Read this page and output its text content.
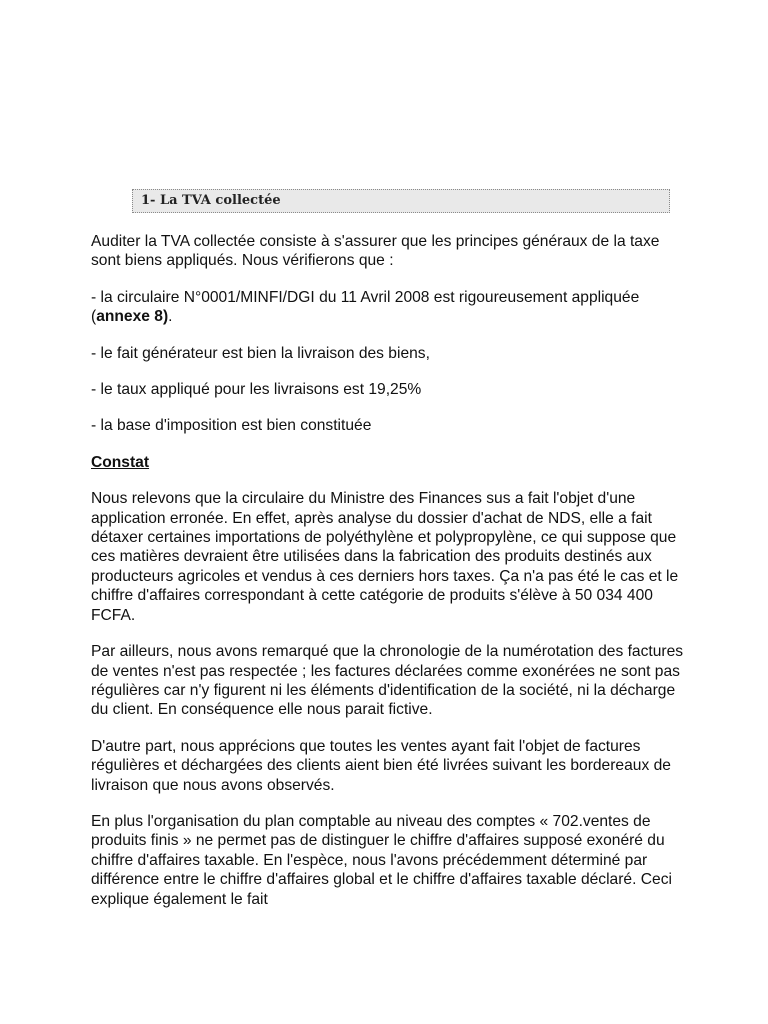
1- La TVA collectée

Auditer la TVA collectée consiste à s'assurer que les principes généraux de la taxe sont biens appliqués. Nous vérifierons que :

- la circulaire N°0001/MINFI/DGI du 11 Avril 2008 est rigoureusement appliquée (annexe 8).

- le fait générateur est bien la livraison des biens,

- le taux appliqué pour les livraisons est 19,25%

- la base d'imposition est bien constituée

Constat

Nous relevons que la circulaire du Ministre des Finances sus a fait l'objet d'une application erronée. En effet, après analyse du dossier d'achat de NDS, elle a fait détaxer certaines importations de polyéthylène et polypropylène, ce qui suppose que ces matières devraient être utilisées dans la fabrication des produits destinés aux producteurs agricoles et vendus à ces derniers hors taxes. Ça n'a pas été le cas et le chiffre d'affaires correspondant à cette catégorie de produits s'élève à 50 034 400 FCFA.

Par ailleurs, nous avons remarqué que la chronologie de la numérotation des factures de ventes n'est pas respectée ; les factures déclarées comme exonérées ne sont pas régulières car n'y figurent ni les éléments d'identification de la société, ni la décharge du client. En conséquence elle nous parait fictive.

D'autre part, nous apprécions que toutes les ventes ayant fait l'objet de factures régulières et déchargées des clients aient bien été livrées suivant les bordereaux de livraison que nous avons observés.

En plus l'organisation du plan comptable au niveau des comptes « 702.ventes de produits finis » ne permet pas de distinguer le chiffre d'affaires supposé exonéré du chiffre d'affaires taxable. En l'espèce, nous l'avons précédemment déterminé par différence entre le chiffre d'affaires global et le chiffre d'affaires taxable déclaré. Ceci explique également le fait
